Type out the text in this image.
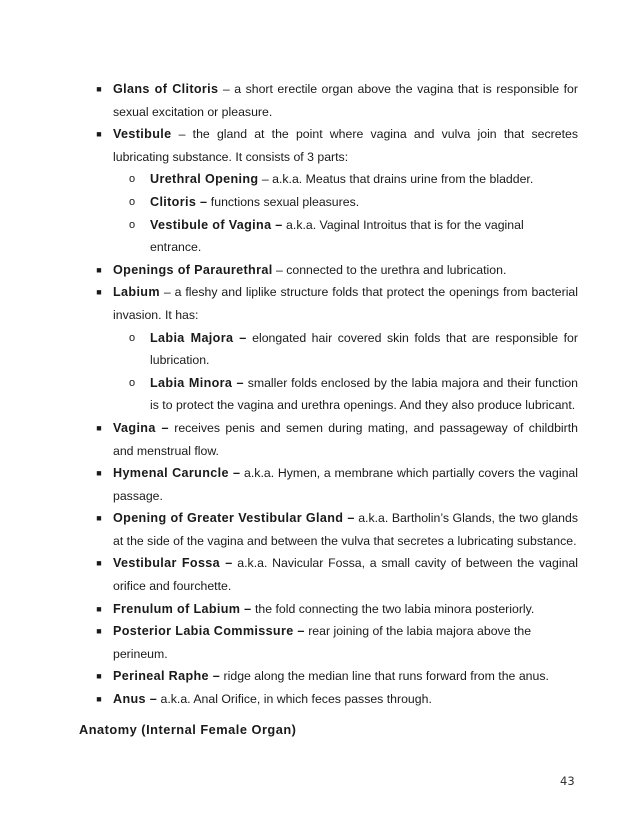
■ Glans of Clitoris – a short erectile organ above the vagina that is responsible for sexual excitation or pleasure.
■ Vestibule – the gland at the point where vagina and vulva join that secretes lubricating substance. It consists of 3 parts:
o Urethral Opening – a.k.a. Meatus that drains urine from the bladder.
o Clitoris – functions sexual pleasures.
o Vestibule of Vagina – a.k.a. Vaginal Introitus that is for the vaginal entrance.
■ Openings of Paraurethral – connected to the urethra and lubrication.
■ Labium – a fleshy and liplike structure folds that protect the openings from bacterial invasion. It has:
o Labia Majora – elongated hair covered skin folds that are responsible for lubrication.
o Labia Minora – smaller folds enclosed by the labia majora and their function is to protect the vagina and urethra openings. And they also produce lubricant.
■ Vagina – receives penis and semen during mating, and passageway of childbirth and menstrual flow.
■ Hymenal Caruncle – a.k.a. Hymen, a membrane which partially covers the vaginal passage.
■ Opening of Greater Vestibular Gland – a.k.a. Bartholin’s Glands, the two glands at the side of the vagina and between the vulva that secretes a lubricating substance.
■ Vestibular Fossa – a.k.a. Navicular Fossa, a small cavity of between the vaginal orifice and fourchette.
■ Frenulum of Labium – the fold connecting the two labia minora posteriorly.
■ Posterior Labia Commissure – rear joining of the labia majora above the perineum.
■ Perineal Raphe – ridge along the median line that runs forward from the anus.
■ Anus – a.k.a. Anal Orifice, in which feces passes through.
Anatomy (Internal Female Organ)
43
